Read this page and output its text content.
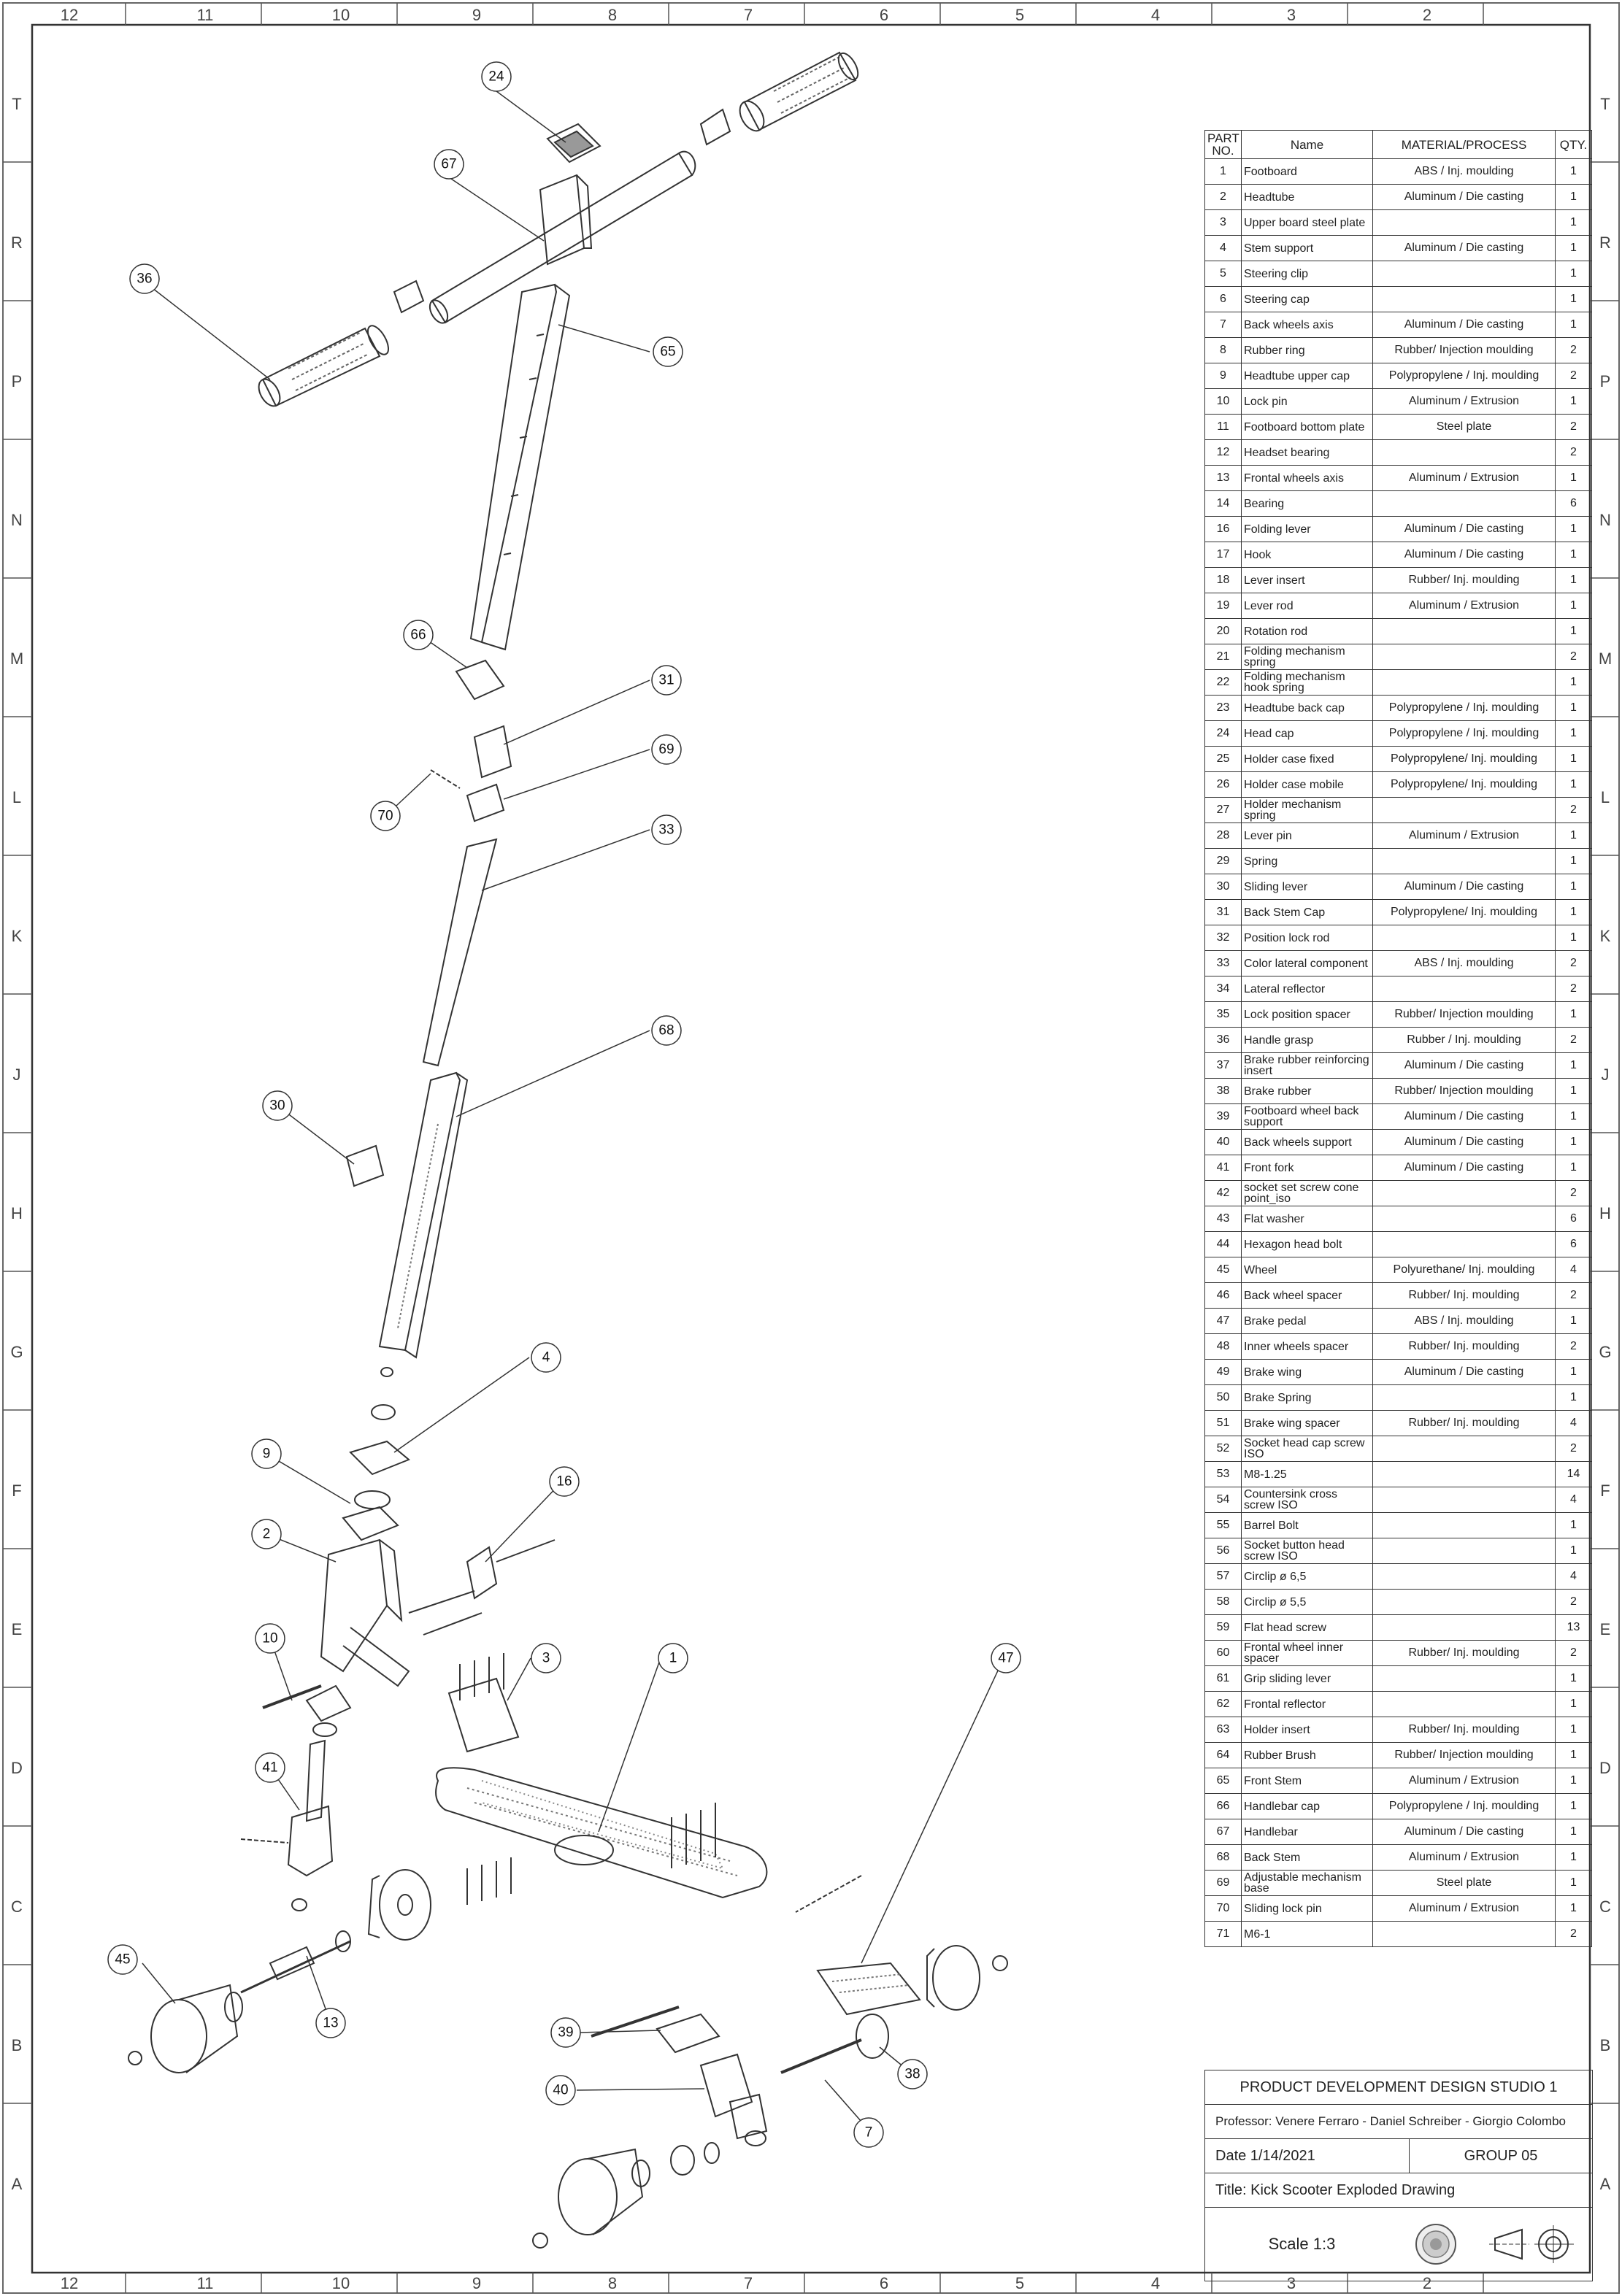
24
67
36
65
66
31
69
70
33
68
30
4
9
16
2
10
3	1	47
41
45
13
39
38
40
7
12
12
11
11
10
10
9
9
8
8
7
7
6
6
5
5
4
4
3
3
2
2
T	T
R	R
P	P
N	N
M	M
L	L
K	K
J	J
H	H
G	G
F	F
E	E
D	D
C	C
B	B
A	A
PART NO.	Name	MATERIAL/PROCESS	QTY.
1	Footboard	ABS / Inj. moulding	1
2	Headtube	Aluminum / Die casting	1
3	Upper board steel plate		1
4	Stem support	Aluminum / Die casting	1
5	Steering clip		1
6	Steering cap		1
7	Back wheels axis	Aluminum / Die casting	1
8	Rubber ring	Rubber/ Injection moulding	2
9	Headtube upper cap	Polypropylene / Inj. moulding	2
10	Lock pin	Aluminum / Extrusion	1
11	Footboard bottom plate	Steel plate	2
12	Headset bearing		2
13	Frontal wheels axis	Aluminum / Extrusion	1
14	Bearing		6
16	Folding lever	Aluminum / Die casting	1
17	Hook	Aluminum / Die casting	1
18	Lever insert	Rubber/ Inj. moulding	1
19	Lever rod	Aluminum / Extrusion	1
20	Rotation rod		1
21	Folding mechanism spring		2
22	Folding mechanism hook spring		1
23	Headtube back cap	Polypropylene / Inj. moulding	1
24	Head cap	Polypropylene / Inj. moulding	1
25	Holder case fixed	Polypropylene/ Inj. moulding	1
26	Holder case mobile	Polypropylene/ Inj. moulding	1
27	Holder mechanism spring		2
28	Lever pin	Aluminum / Extrusion	1
29	Spring		1
30	Sliding lever	Aluminum / Die casting	1
31	Back Stem Cap	Polypropylene/ Inj. moulding	1
32	Position lock rod		1
33	Color lateral component	ABS / Inj. moulding	2
34	Lateral reflector		2
35	Lock position spacer	Rubber/ Injection moulding	1
36	Handle grasp	Rubber / Inj. moulding	2
37	Brake rubber reinforcing insert	Aluminum / Die casting	1
38	Brake rubber	Rubber/ Injection moulding	1
39	Footboard wheel back support	Aluminum / Die casting	1
40	Back wheels support	Aluminum / Die casting	1
41	Front fork	Aluminum / Die casting	1
42	socket set screw cone point_iso		2
43	Flat washer		6
44	Hexagon head bolt		6
45	Wheel	Polyurethane/ Inj. moulding	4
46	Back wheel spacer	Rubber/ Inj. moulding	2
47	Brake pedal	ABS / Inj. moulding	1
48	Inner wheels spacer	Rubber/ Inj. moulding	2
49	Brake wing	Aluminum / Die casting	1
50	Brake Spring		1
51	Brake wing spacer	Rubber/ Inj. moulding	4
52	Socket head cap screw ISO		2
53	M8-1.25		14
54	Countersink cross screw ISO		4
55	Barrel Bolt		1
56	Socket button head screw ISO		1
57	Circlip ø 6,5		4
58	Circlip ø 5,5		2
59	Flat head screw		13
60	Frontal wheel inner spacer	Rubber/ Inj. moulding	2
61	Grip sliding lever		1
62	Frontal reflector		1
63	Holder insert	Rubber/ Inj. moulding	1
64	Rubber Brush	Rubber/ Injection moulding	1
65	Front Stem	Aluminum / Extrusion	1
66	Handlebar cap	Polypropylene / Inj. moulding	1
67	Handlebar	Aluminum / Die casting	1
68	Back Stem	Aluminum / Extrusion	1
69	Adjustable mechanism base	Steel plate	1
70	Sliding lock pin	Aluminum / Extrusion	1
71	M6-1		2
PRODUCT DEVELOPMENT DESIGN STUDIO 1
Professor: Venere Ferraro - Daniel Schreiber - Giorgio Colombo
Date 1/14/2021	GROUP 05
Title: Kick Scooter Exploded Drawing
Scale 1:3
